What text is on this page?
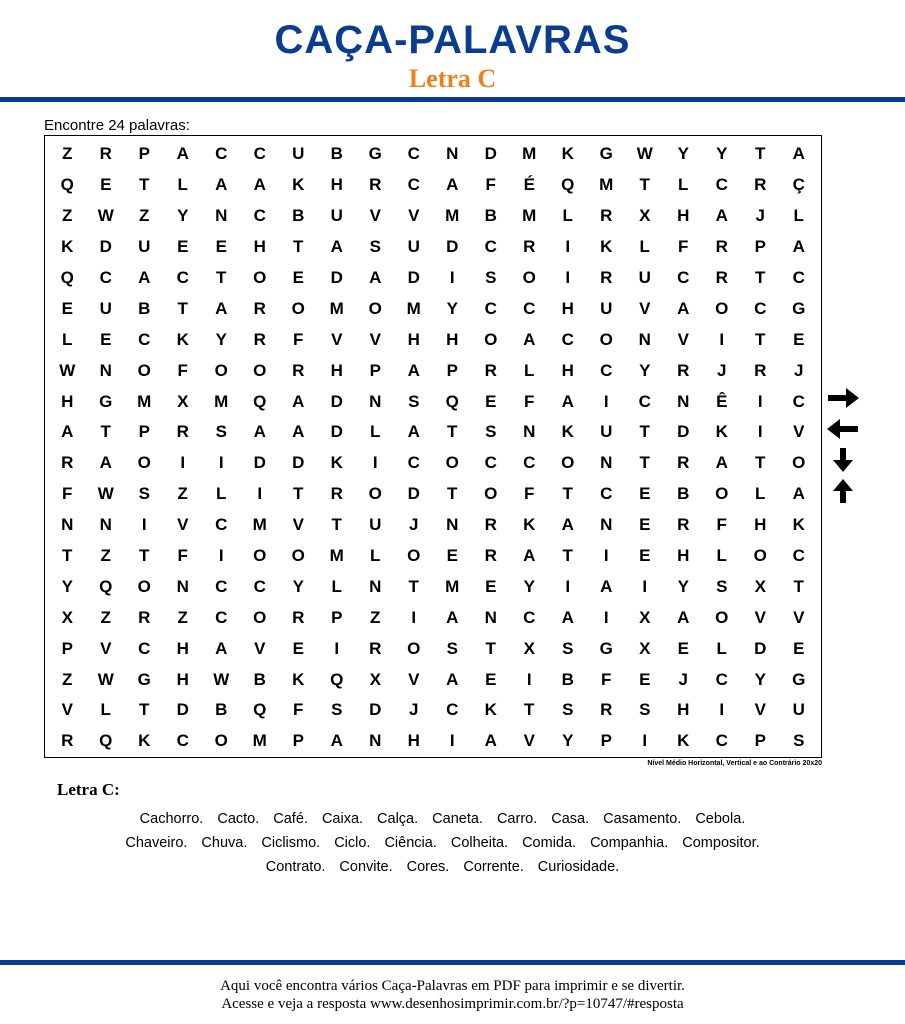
CAÇA-PALAVRAS
Letra C
Encontre 24 palavras:
Z	R	P	A	C	C	U	B	G	C	N	D	M	K	G	W	Y	Y	T	A
Q	E	T	L	A	A	K	H	R	C	A	F	É	Q	M	T	L	C	R	Ç
Z	W	Z	Y	N	C	B	U	V	V	M	B	M	L	R	X	H	A	J	L
K	D	U	E	E	H	T	A	S	U	D	C	R	I	K	L	F	R	P	A
Q	C	A	C	T	O	E	D	A	D	I	S	O	I	R	U	C	R	T	C
E	U	B	T	A	R	O	M	O	M	Y	C	C	H	U	V	A	O	C	G
L	E	C	K	Y	R	F	V	V	H	H	O	A	C	O	N	V	I	T	E
W	N	O	F	O	O	R	H	P	A	P	R	L	H	C	Y	R	J	R	J
H	G	M	X	M	Q	A	D	N	S	Q	E	F	A	I	C	N	Ê	I	C
A	T	P	R	S	A	A	D	L	A	T	S	N	K	U	T	D	K	I	V
R	A	O	I	I	D	D	K	I	C	O	C	C	O	N	T	R	A	T	O
F	W	S	Z	L	I	T	R	O	D	T	O	F	T	C	E	B	O	L	A
N	N	I	V	C	M	V	T	U	J	N	R	K	A	N	E	R	F	H	K
T	Z	T	F	I	O	O	M	L	O	E	R	A	T	I	E	H	L	O	C
Y	Q	O	N	C	C	Y	L	N	T	M	E	Y	I	A	I	Y	S	X	T
X	Z	R	Z	C	O	R	P	Z	I	A	N	C	A	I	X	A	O	V	V
P	V	C	H	A	V	E	I	R	O	S	T	X	S	G	X	E	L	D	E
Z	W	G	H	W	B	K	Q	X	V	A	E	I	B	F	E	J	C	Y	G
V	L	T	D	B	Q	F	S	D	J	C	K	T	S	R	S	H	I	V	U
R	Q	K	C	O	M	P	A	N	H	I	A	V	Y	P	I	K	C	P	S
Nível Médio Horizontal, Vertical e ao Contrário 20x20
Letra C:
Cachorro. Cacto. Café. Caixa. Calça. Caneta. Carro. Casa. Casamento. Cebola.
Chaveiro. Chuva. Ciclismo. Ciclo. Ciência. Colheita. Comida. Companhia. Compositor.
Contrato. Convite. Cores. Corrente. Curiosidade.
Aqui você encontra vários Caça-Palavras em PDF para imprimir e se divertir.
Acesse e veja a resposta www.desenhosimprimir.com.br/?p=10747/#resposta
